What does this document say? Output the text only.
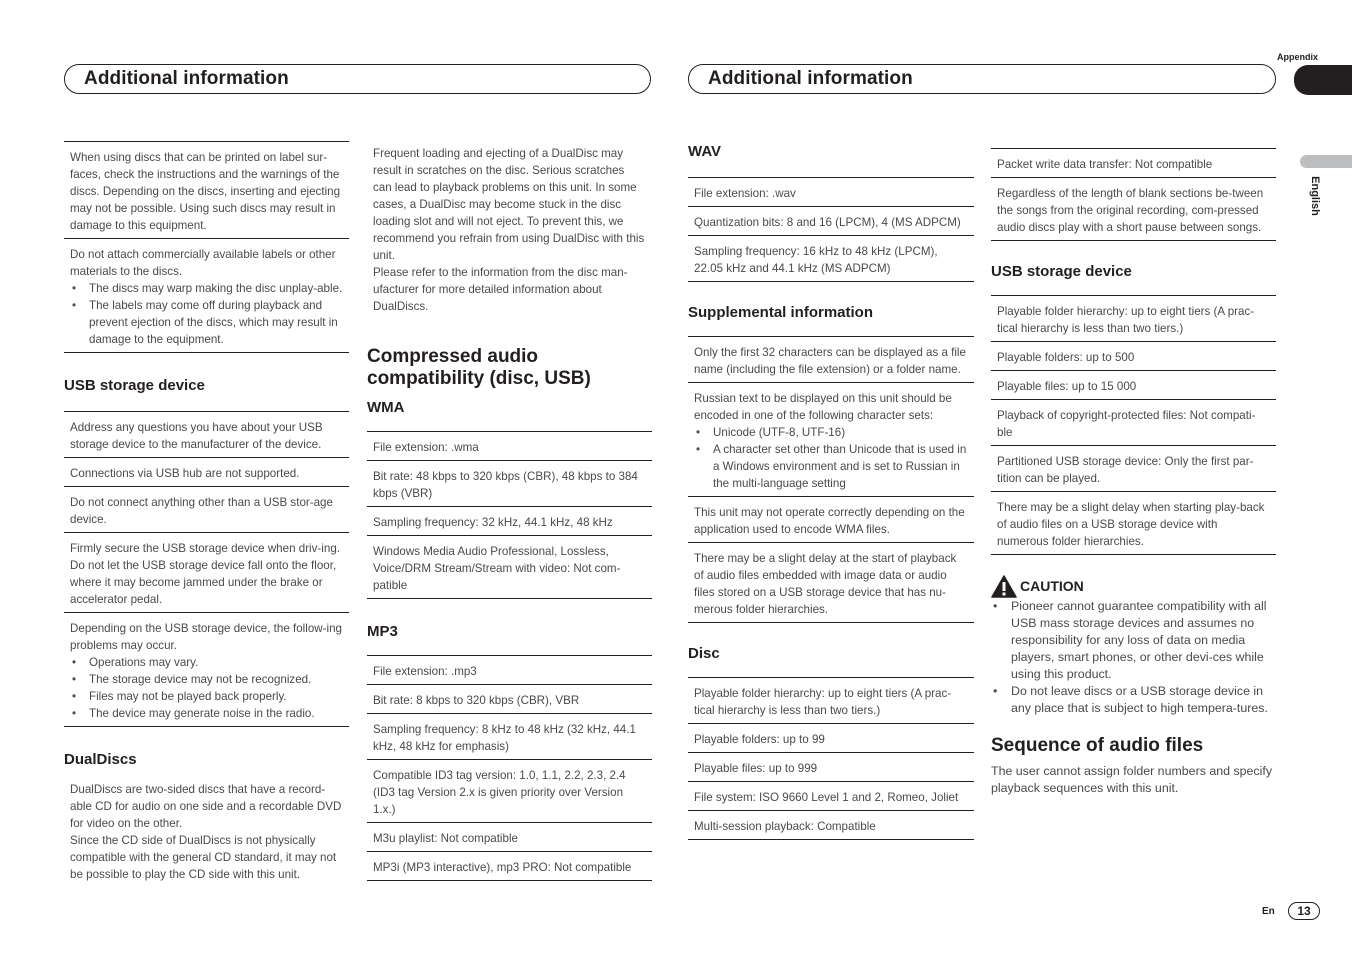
Appendix
English
Additional information	Additional information

When using discs that can be printed on label sur-faces, check the instructions and the warnings of the discs. Depending on the discs, inserting and ejecting may not be possible. Using such discs may result in damage to this equipment.

Do not attach commercially available labels or other materials to the discs.

• The discs may warp making the disc unplay-able.

• The labels may come off during playback and prevent ejection of the discs, which may result in damage to the equipment.

USB storage device

Address any questions you have about your USB storage device to the manufacturer of the device.

Connections via USB hub are not supported.

Do not connect anything other than a USB stor-age device.

Firmly secure the USB storage device when driv-ing. Do not let the USB storage device fall onto the floor, where it may become jammed under the brake or accelerator pedal.

Depending on the USB storage device, the follow-ing problems may occur.

• Operations may vary.

• The storage device may not be recognized.

• Files may not be played back properly.

• The device may generate noise in the radio.

DualDiscs

DualDiscs are two-sided discs that have a record-able CD for audio on one side and a recordable DVD for video on the other.

Since the CD side of DualDiscs is not physically compatible with the general CD standard, it may not be possible to play the CD side with this unit.

Frequent loading and ejecting of a DualDisc may result in scratches on the disc. Serious scratches can lead to playback problems on this unit. In some cases, a DualDisc may become stuck in the disc loading slot and will not eject. To prevent this, we recommend you refrain from using DualDisc with this unit.

Please refer to the information from the disc man-ufacturer for more detailed information about DualDiscs.

Compressed audio compatibility (disc, USB)
WMA

File extension: .wma

Bit rate: 48 kbps to 320 kbps (CBR), 48 kbps to 384 kbps (VBR)

Sampling frequency: 32 kHz, 44.1 kHz, 48 kHz

Windows Media Audio Professional, Lossless, Voice/DRM Stream/Stream with video: Not com-patible

MP3

File extension: .mp3

Bit rate: 8 kbps to 320 kbps (CBR), VBR

Sampling frequency: 8 kHz to 48 kHz (32 kHz, 44.1 kHz, 48 kHz for emphasis)

Compatible ID3 tag version: 1.0, 1.1, 2.2, 2.3, 2.4 (ID3 tag Version 2.x is given priority over Version 1.x.)

M3u playlist: Not compatible

MP3i (MP3 interactive), mp3 PRO: Not compatible

WAV

File extension: .wav

Quantization bits: 8 and 16 (LPCM), 4 (MS ADPCM)

Sampling frequency: 16 kHz to 48 kHz (LPCM), 22.05 kHz and 44.1 kHz (MS ADPCM)

Supplemental information

Only the first 32 characters can be displayed as a file name (including the file extension) or a folder name.

Russian text to be displayed on this unit should be encoded in one of the following character sets:

• Unicode (UTF-8, UTF-16)

• A character set other than Unicode that is used in a Windows environment and is set to Russian in the multi-language setting

This unit may not operate correctly depending on the application used to encode WMA files.

There may be a slight delay at the start of playback of audio files embedded with image data or audio files stored on a USB storage device that has nu-merous folder hierarchies.

Disc

Playable folder hierarchy: up to eight tiers (A prac-tical hierarchy is less than two tiers.)

Playable folders: up to 99

Playable files: up to 999

File system: ISO 9660 Level 1 and 2, Romeo, Joliet

Multi-session playback: Compatible

Packet write data transfer: Not compatible

Regardless of the length of blank sections be-tween the songs from the original recording, com-pressed audio discs play with a short pause between songs.

USB storage device

Playable folder hierarchy: up to eight tiers (A prac-tical hierarchy is less than two tiers.)

Playable folders: up to 500

Playable files: up to 15 000

Playback of copyright-protected files: Not compati-ble

Partitioned USB storage device: Only the first par-tition can be played.

There may be a slight delay when starting play-back of audio files on a USB storage device with numerous folder hierarchies.

CAUTION

• Pioneer cannot guarantee compatibility with all USB mass storage devices and assumes no responsibility for any loss of data on media players, smart phones, or other devi-ces while using this product.

• Do not leave discs or a USB storage device in any place that is subject to high tempera-tures.

Sequence of audio files

The user cannot assign folder numbers and specify playback sequences with this unit.

En	13
